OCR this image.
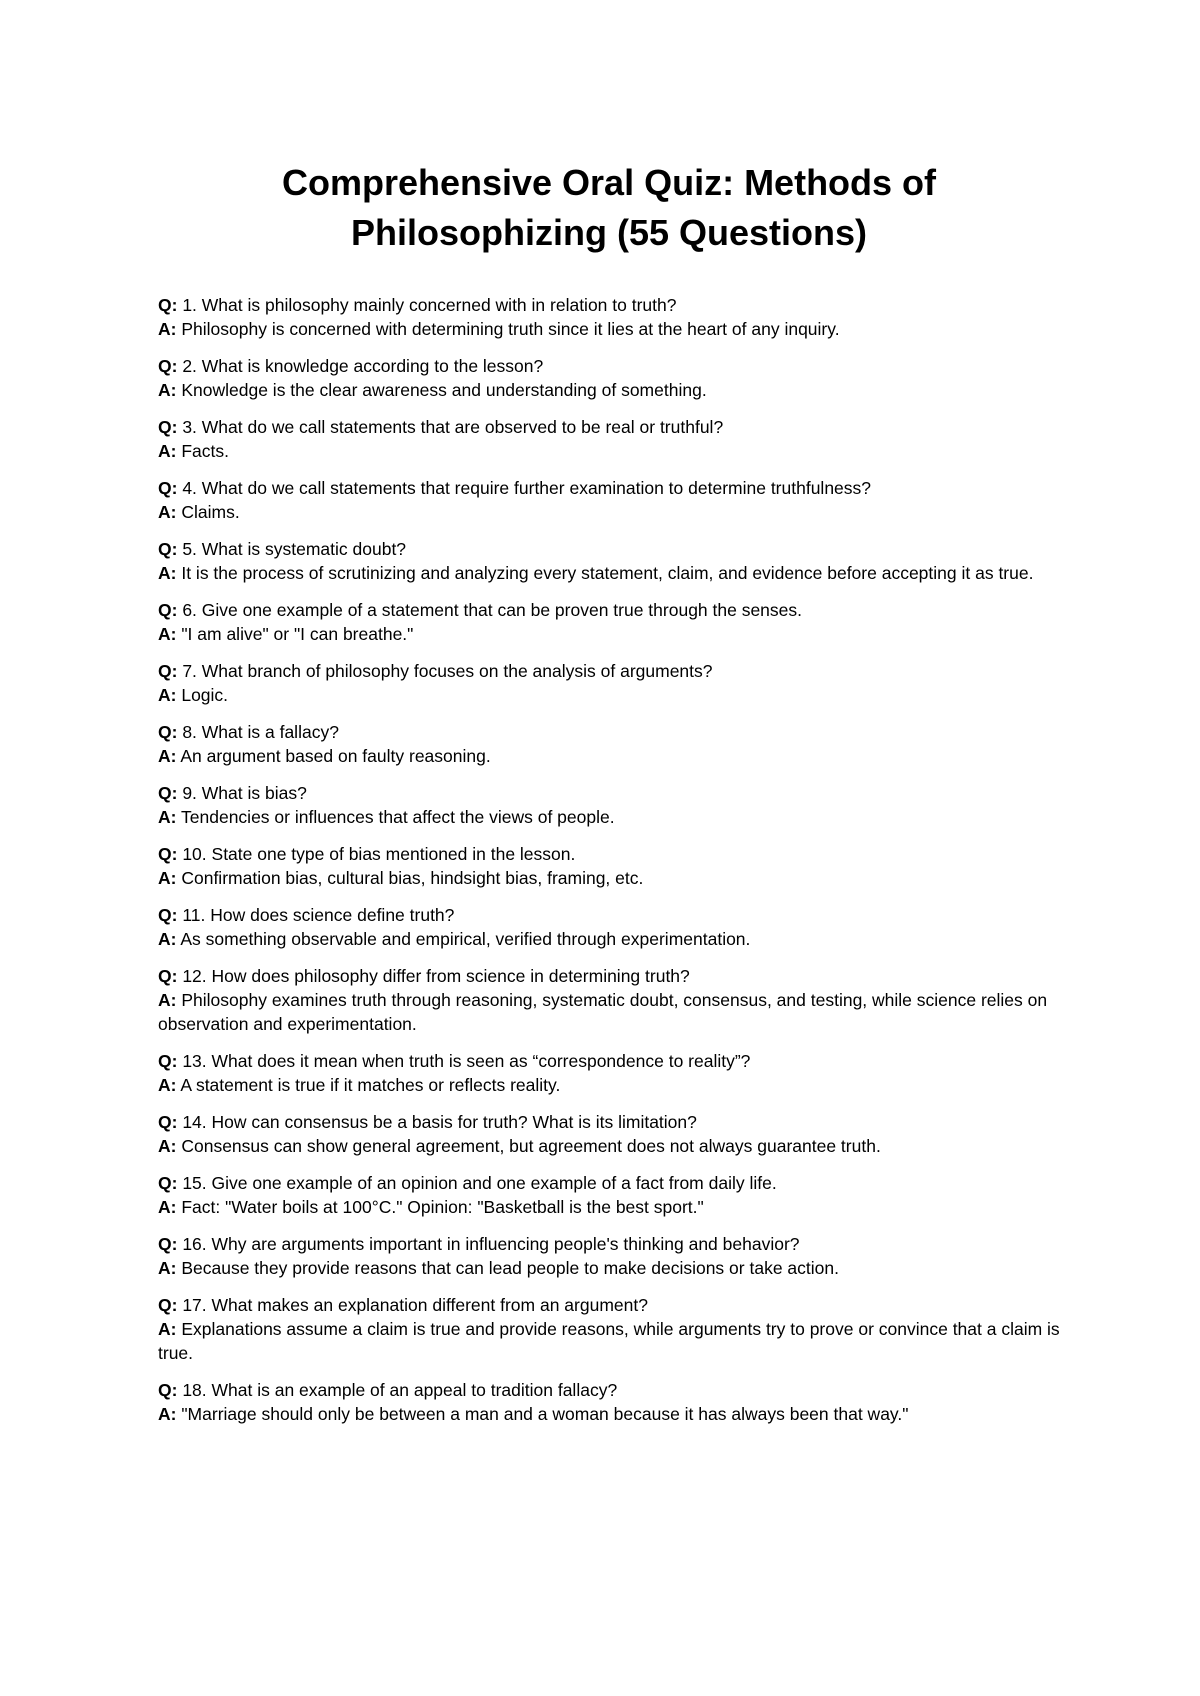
Comprehensive Oral Quiz: Methods of
Philosophizing (55 Questions)

Q: 1. What is philosophy mainly concerned with in relation to truth?

A: Philosophy is concerned with determining truth since it lies at the heart of any inquiry.

Q: 2. What is knowledge according to the lesson?

A: Knowledge is the clear awareness and understanding of something.

Q: 3. What do we call statements that are observed to be real or truthful?

A: Facts.

Q: 4. What do we call statements that require further examination to determine truthfulness?

A: Claims.

Q: 5. What is systematic doubt?

A: It is the process of scrutinizing and analyzing every statement, claim, and evidence before accepting it as true.

Q: 6. Give one example of a statement that can be proven true through the senses.

A: "I am alive" or "I can breathe."

Q: 7. What branch of philosophy focuses on the analysis of arguments?

A: Logic.

Q: 8. What is a fallacy?

A: An argument based on faulty reasoning.

Q: 9. What is bias?

A: Tendencies or influences that affect the views of people.

Q: 10. State one type of bias mentioned in the lesson.

A: Confirmation bias, cultural bias, hindsight bias, framing, etc.

Q: 11. How does science define truth?

A: As something observable and empirical, verified through experimentation.

Q: 12. How does philosophy differ from science in determining truth?

A: Philosophy examines truth through reasoning, systematic doubt, consensus, and testing, while science relies on observation and experimentation.

Q: 13. What does it mean when truth is seen as “correspondence to reality”?

A: A statement is true if it matches or reflects reality.

Q: 14. How can consensus be a basis for truth? What is its limitation?

A: Consensus can show general agreement, but agreement does not always guarantee truth.

Q: 15. Give one example of an opinion and one example of a fact from daily life.

A: Fact: "Water boils at 100°C." Opinion: "Basketball is the best sport."

Q: 16. Why are arguments important in influencing people's thinking and behavior?

A: Because they provide reasons that can lead people to make decisions or take action.

Q: 17. What makes an explanation different from an argument?

A: Explanations assume a claim is true and provide reasons, while arguments try to prove or convince that a claim is true.

Q: 18. What is an example of an appeal to tradition fallacy?

A: "Marriage should only be between a man and a woman because it has always been that way."
